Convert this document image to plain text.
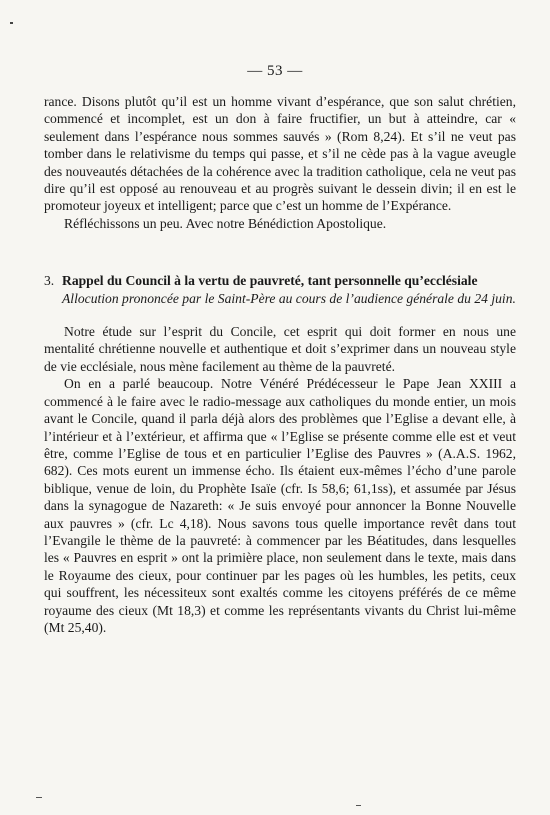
— 53 —

rance. Disons plutôt qu’il est un homme vivant d’espérance, que son salut chrétien, commencé et incomplet, est un don à faire fructifier, un but à atteindre, car « seulement dans l’espérance nous sommes sauvés » (Rom 8,24). Et s’il ne veut pas tomber dans le relativisme du temps qui passe, et s’il ne cède pas à la vague aveugle des nouveautés détachées de la cohérence avec la tradition catholique, cela ne veut pas dire qu’il est opposé au renouveau et au progrès suivant le dessein divin; il en est le promoteur joyeux et intelligent; parce que c’est un homme de l’Expérance.

Réfléchissons un peu. Avec notre Bénédiction Apostolique.

3. Rappel du Council à la vertu de pauvreté, tant personnelle qu’ecclésiale
Allocution prononcée par le Saint-Père au cours de l’audience générale du 24 juin.

Notre étude sur l’esprit du Concile, cet esprit qui doit former en nous une mentalité chrétienne nouvelle et authentique et doit s’exprimer dans un nouveau style de vie ecclésiale, nous mène facilement au thème de la pauvreté.

On en a parlé beaucoup. Notre Vénéré Prédécesseur le Pape Jean XXIII a commencé à le faire avec le radio-message aux catholiques du monde entier, un mois avant le Concile, quand il parla déjà alors des problèmes que l’Eglise a devant elle, à l’intérieur et à l’extérieur, et affirma que « l’Eglise se présente comme elle est et veut être, comme l’Eglise de tous et en particulier l’Eglise des Pauvres » (A.A.S. 1962, 682). Ces mots eurent un immense écho. Ils étaient eux-mêmes l’écho d’une parole biblique, venue de loin, du Prophète Isaïe (cfr. Is 58,6; 61,1ss), et assumée par Jésus dans la synagogue de Nazareth: « Je suis envoyé pour annoncer la Bonne Nouvelle aux pauvres » (cfr. Lc 4,18). Nous savons tous quelle importance revêt dans tout l’Evangile le thème de la pauvreté: à commencer par les Béatitudes, dans lesquelles les « Pauvres en esprit » ont la primière place, non seulement dans le texte, mais dans le Royaume des cieux, pour continuer par les pages où les humbles, les petits, ceux qui souffrent, les nécessiteux sont exaltés comme les citoyens préférés de ce même royaume des cieux (Mt 18,3) et comme les représentants vivants du Christ lui-même (Mt 25,40).
